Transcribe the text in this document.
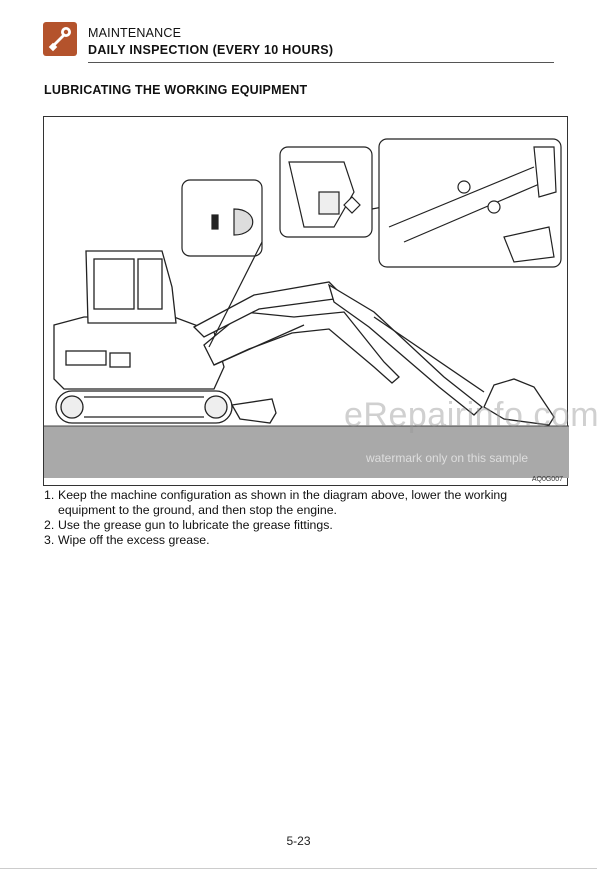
MAINTENANCE
DAILY INSPECTION (EVERY 10 HOURS)
LUBRICATING THE WORKING EQUIPMENT
eRepairinfo.com
watermark only on this sample
AQ0G007
1. Keep the machine configuration as shown in the diagram above, lower the working equipment to the ground, and then stop the engine.
2. Use the grease gun to lubricate the grease fittings.
3. Wipe off the excess grease.
5-23
